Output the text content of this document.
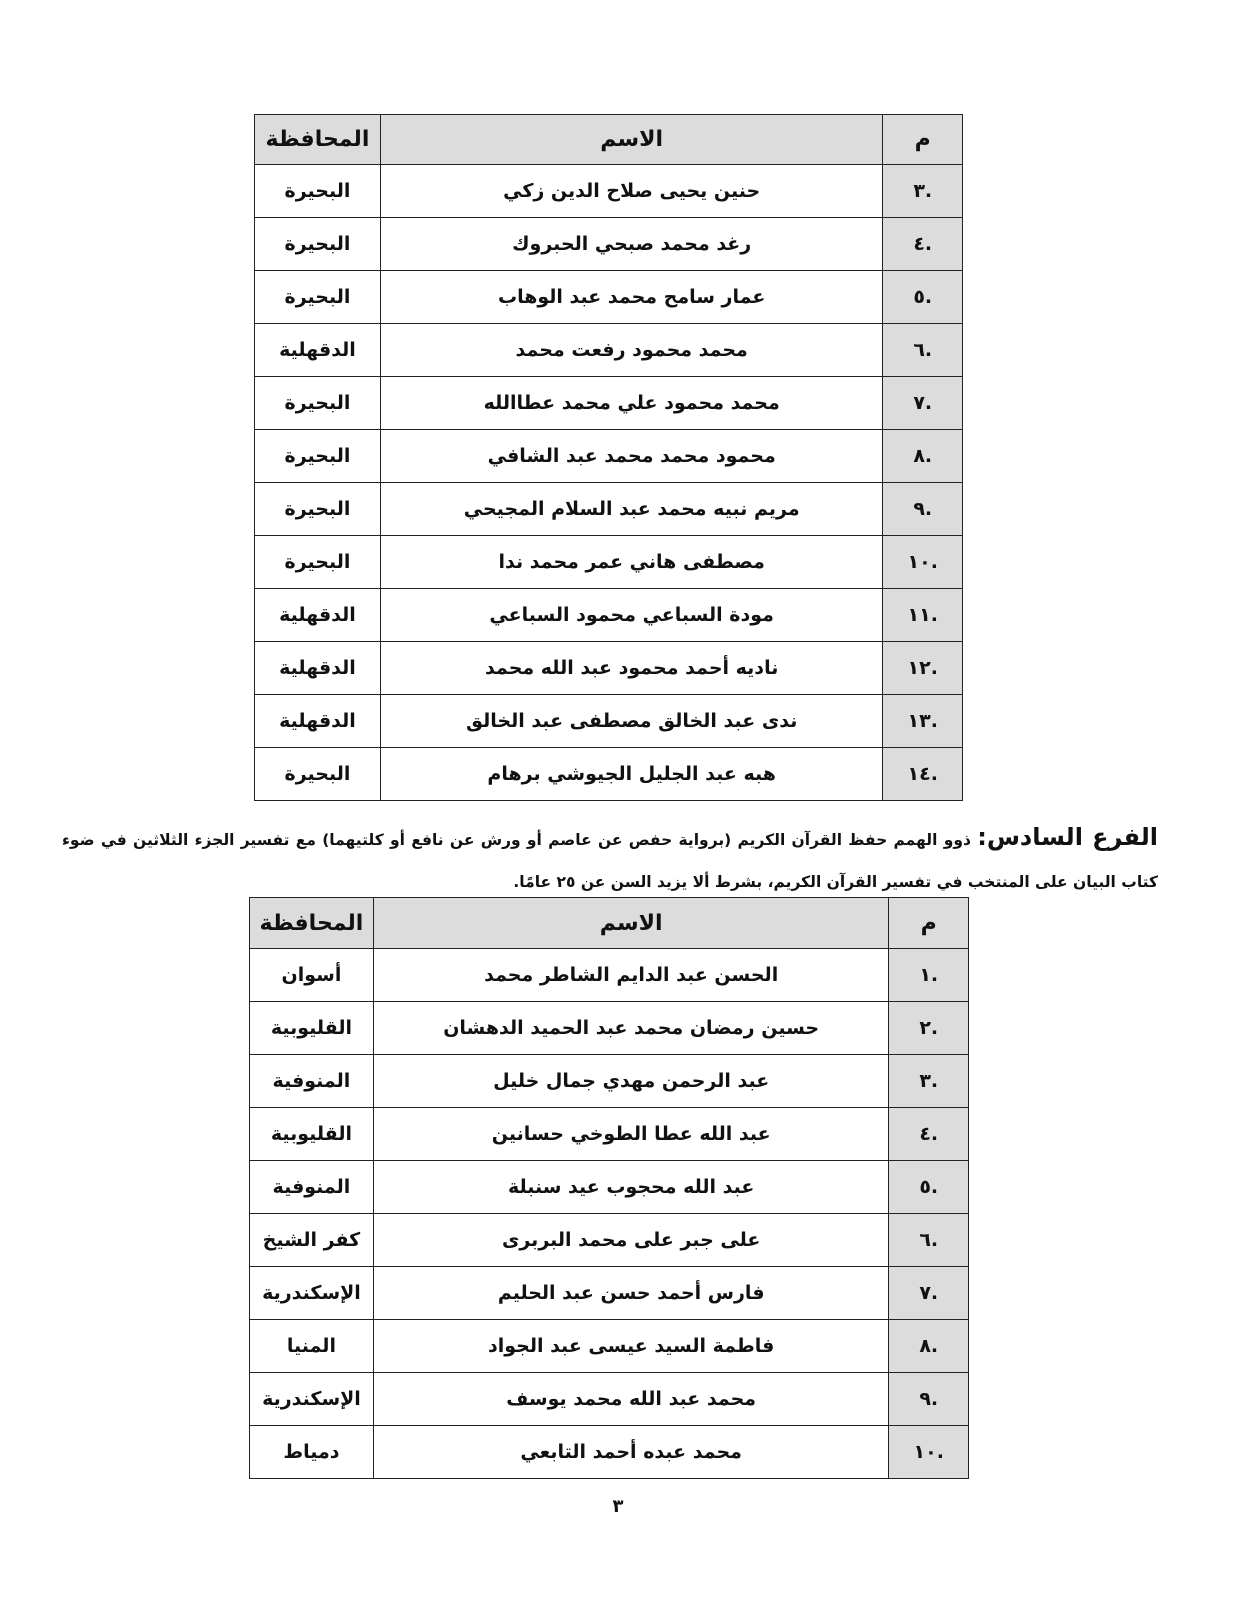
م	الاسم	المحافظة
.٣	حنين يحيى صلاح الدين زكي	البحيرة
.٤	رغد محمد صبحي الحبروك	البحيرة
.٥	عمار سامح محمد عبد الوهاب	البحيرة
.٦	محمد محمود رفعت محمد	الدقهلية
.٧	محمد محمود علي محمد عطاالله	البحيرة
.٨	محمود محمد محمد عبد الشافي	البحيرة
.٩	مريم نبيه محمد عبد السلام المجيحي	البحيرة
.١٠	مصطفى هاني عمر محمد ندا	البحيرة
.١١	مودة السباعي محمود السباعي	الدقهلية
.١٢	ناديه أحمد محمود عبد الله محمد	الدقهلية
.١٣	ندى عبد الخالق مصطفى عبد الخالق	الدقهلية
.١٤	هبه عبد الجليل الجيوشي برهام	البحيرة
الفرع السادس: ذوو الهمم حفظ القرآن الكريم (برواية حفص عن عاصم أو ورش عن نافع أو كلتيهما) مع تفسير الجزء الثلاثين في ضوء كتاب البيان على المنتخب في تفسير القرآن الكريم، بشرط ألا يزيد السن عن ٢٥ عامًا.
م	الاسم	المحافظة
.١	الحسن عبد الدايم الشاطر محمد	أسوان
.٢	حسين رمضان محمد عبد الحميد الدهشان	القليوبية
.٣	عبد الرحمن مهدي جمال خليل	المنوفية
.٤	عبد الله عطا الطوخي حسانين	القليوبية
.٥	عبد الله محجوب عيد سنبلة	المنوفية
.٦	على جبر على محمد البربرى	كفر الشيخ
.٧	فارس أحمد حسن عبد الحليم	الإسكندرية
.٨	فاطمة السيد عيسى عبد الجواد	المنيا
.٩	محمد عبد الله محمد يوسف	الإسكندرية
.١٠	محمد عبده أحمد التابعي	دمياط
٣
